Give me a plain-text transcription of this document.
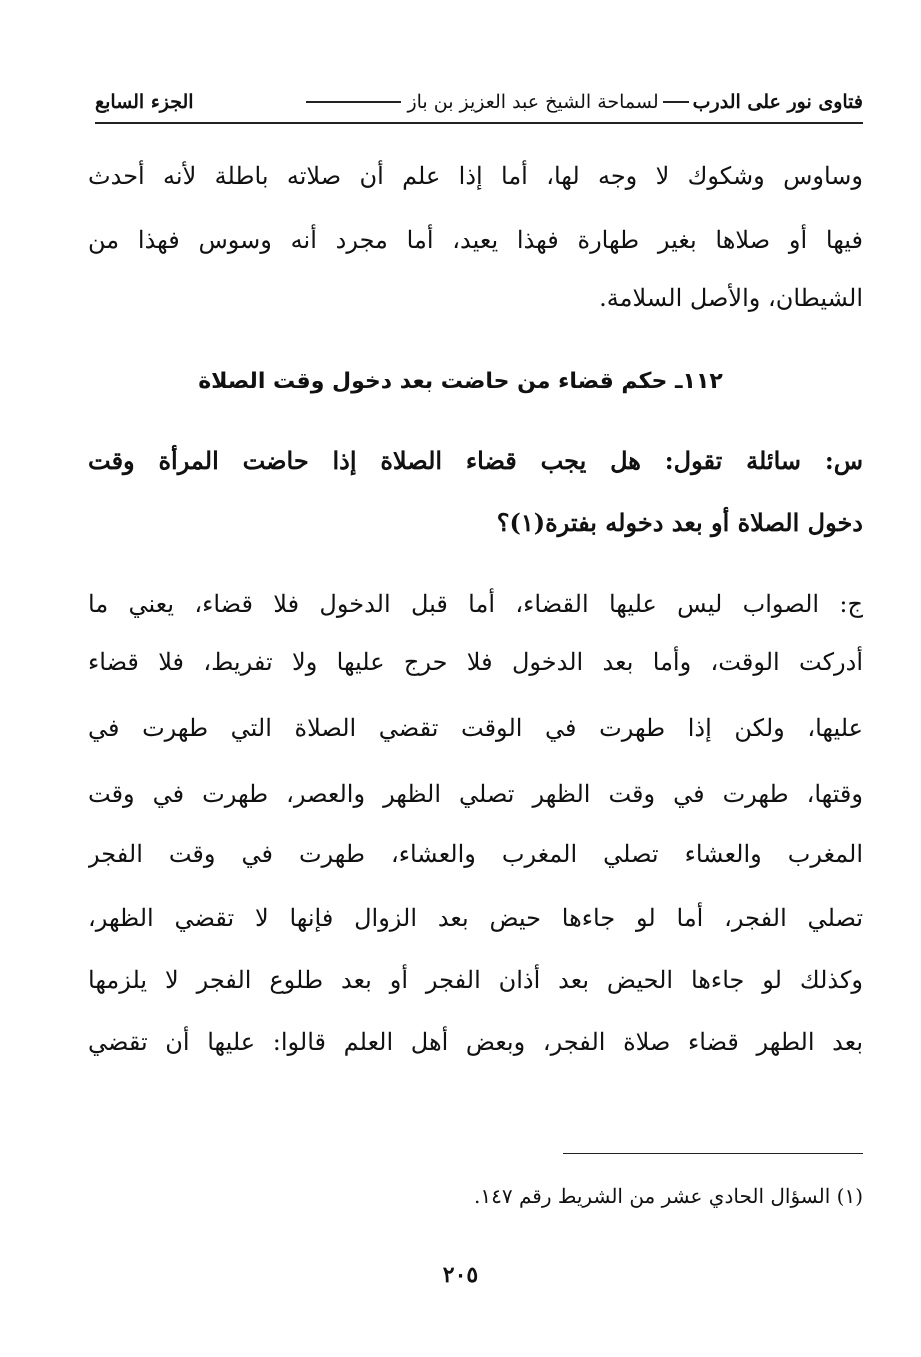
فتاوى نور على الدرب
لسماحة الشيخ عبد العزيز بن باز
الجزء السابع
وساوس وشكوك لا وجه لها، أما إذا علم أن صلاته باطلة لأنه أحدث
فيها أو صلاها بغير طهارة فهذا يعيد، أما مجرد أنه وسوس فهذا من
الشيطان، والأصل السلامة.
١١٢ـ حكم قضاء من حاضت بعد دخول وقت الصلاة
س: سائلة تقول: هل يجب قضاء الصلاة إذا حاضت المرأة وقت
دخول الصلاة أو بعد دخوله بفترة(١)؟
ج: الصواب ليس عليها القضاء، أما قبل الدخول فلا قضاء، يعني ما
أدركت الوقت، وأما بعد الدخول فلا حرج عليها ولا تفريط، فلا قضاء
عليها، ولكن إذا طهرت في الوقت تقضي الصلاة التي طهرت في
وقتها، طهرت في وقت الظهر تصلي الظهر والعصر، طهرت في وقت
المغرب والعشاء تصلي المغرب والعشاء، طهرت في وقت الفجر
تصلي الفجر، أما لو جاءها حيض بعد الزوال فإنها لا تقضي الظهر،
وكذلك لو جاءها الحيض بعد أذان الفجر أو بعد طلوع الفجر لا يلزمها
بعد الطهر قضاء صلاة الفجر، وبعض أهل العلم قالوا: عليها أن تقضي
(١) السؤال الحادي عشر من الشريط رقم ١٤٧.
٢٠٥
